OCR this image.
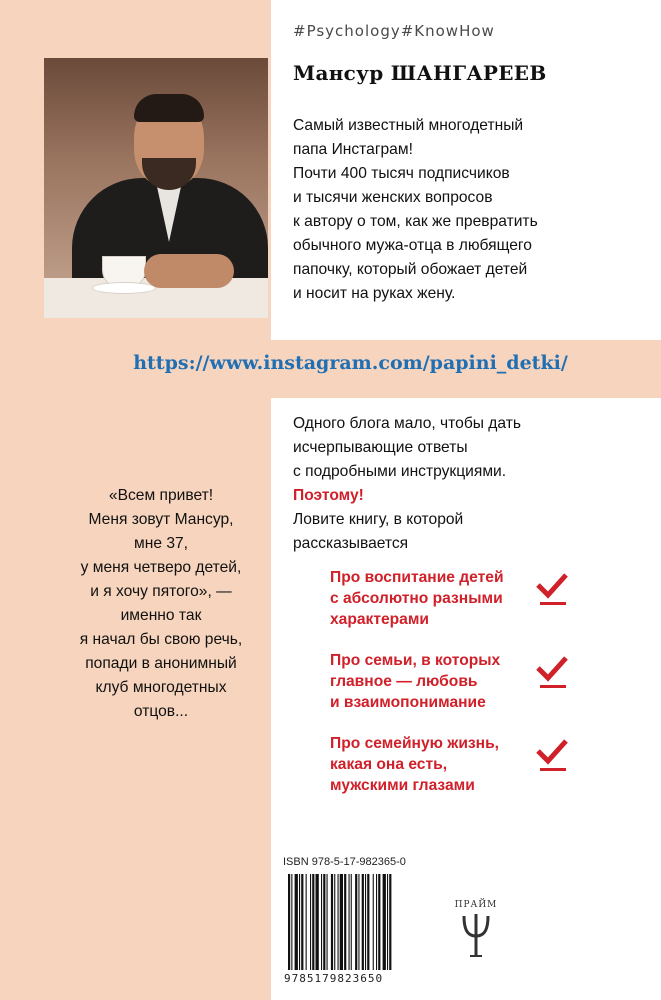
#Psychology#KnowHow
Мансур ШАНГАРЕЕВ
Самый известный многодетный
папа Инстаграм!
Почти 400 тысяч подписчиков
и тысячи женских вопросов
к автору о том, как же превратить
обычного мужа-отца в любящего
папочку, который обожает детей
и носит на руках жену.
https://www.instagram.com/papini_detki/
«Всем привет!
Меня зовут Мансур,
мне 37,
у меня четверо детей,
и я хочу пятого», —
именно так
я начал бы свою речь,
попади в анонимный
клуб многодетных
отцов...
Одного блога мало, чтобы дать
исчерпывающие ответы
с подробными инструкциями.
Поэтому!
Ловите книгу, в которой
рассказывается
Про воспитание детей
с абсолютно разными
характерами
Про семьи, в которых
главное — любовь
и взаимопонимание
Про семейную жизнь,
какая она есть,
мужскими глазами
ISBN 978-5-17-982365-0
9785179823650
ПРАЙМ
